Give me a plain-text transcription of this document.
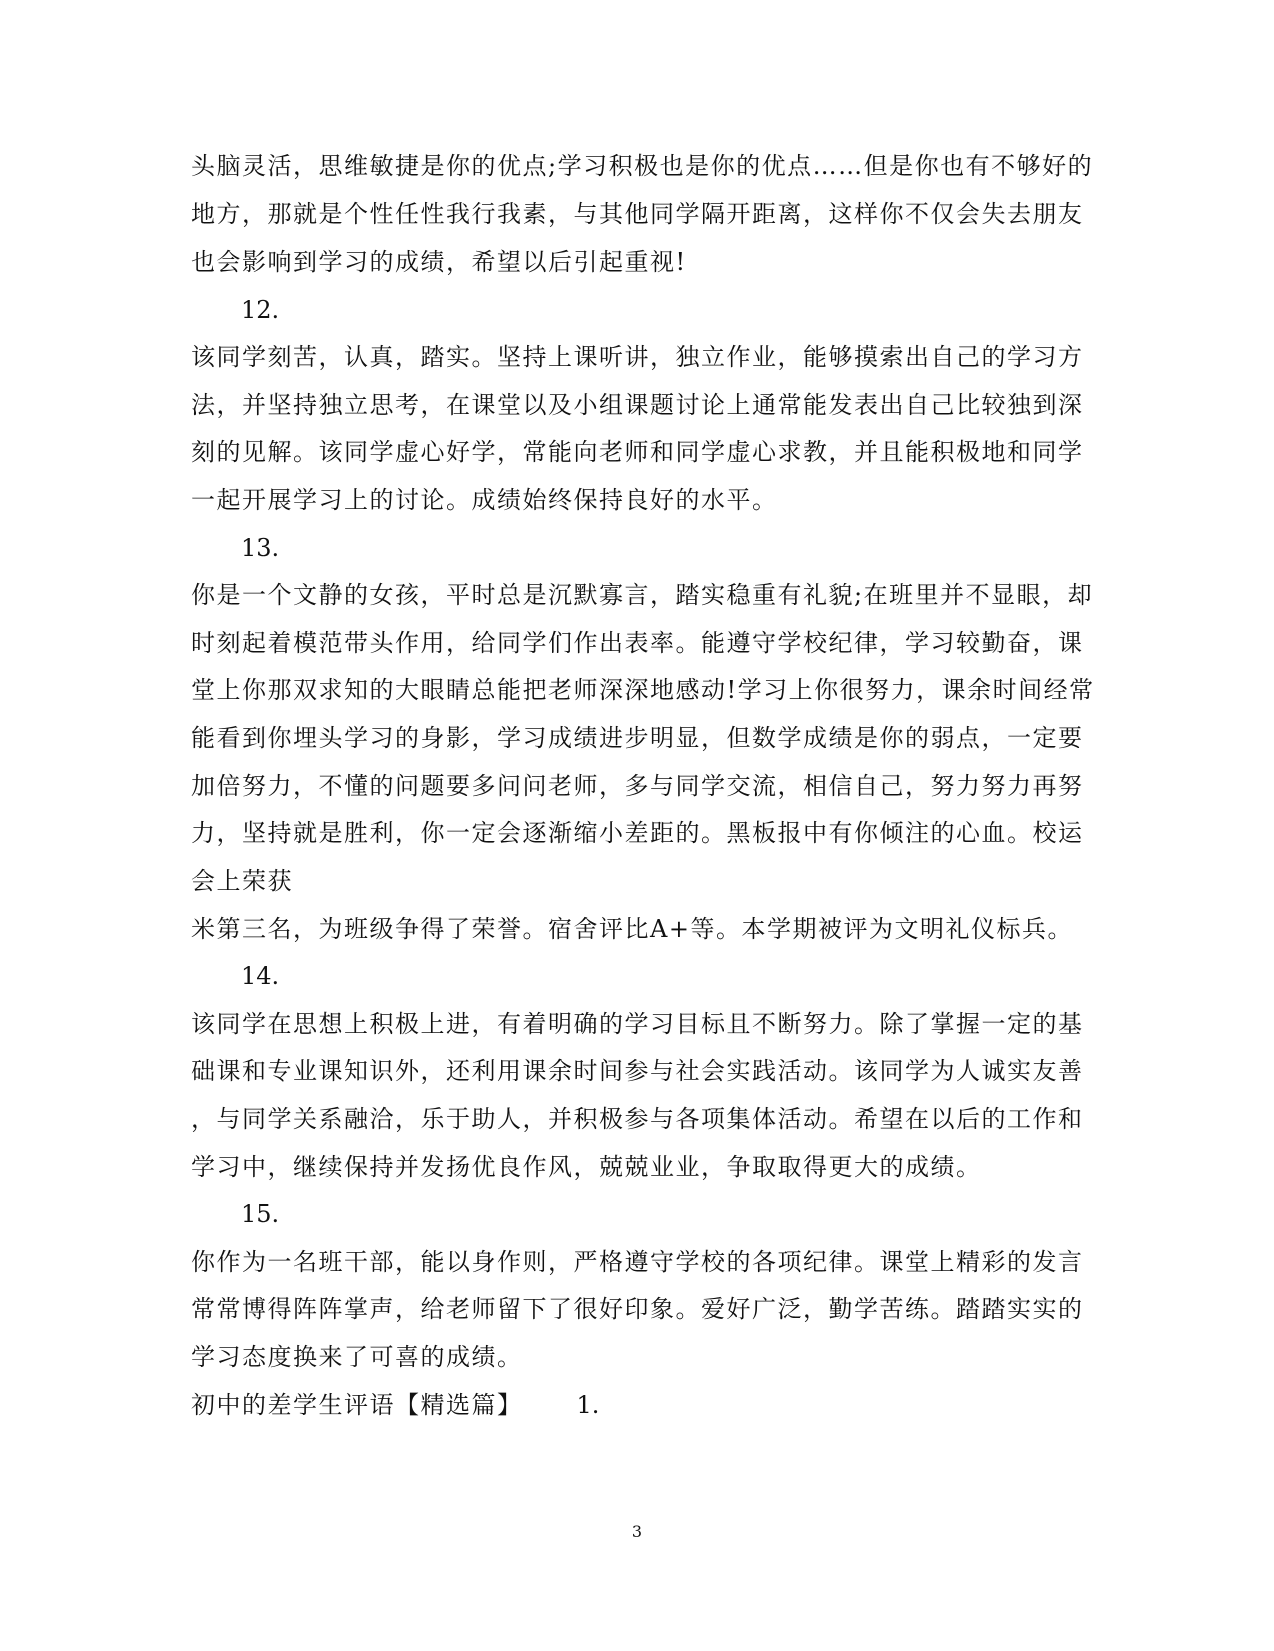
头脑灵活，思维敏捷是你的优点;学习积极也是你的优点……但是你也有不够好的
地方，那就是个性任性我行我素，与其他同学隔开距离，这样你不仅会失去朋友
也会影响到学习的成绩，希望以后引起重视!
12.
该同学刻苦，认真，踏实。坚持上课听讲，独立作业，能够摸索出自己的学习方
法，并坚持独立思考，在课堂以及小组课题讨论上通常能发表出自己比较独到深
刻的见解。该同学虚心好学，常能向老师和同学虚心求教，并且能积极地和同学
一起开展学习上的讨论。成绩始终保持良好的水平。
13.
你是一个文静的女孩，平时总是沉默寡言，踏实稳重有礼貌;在班里并不显眼，却
时刻起着模范带头作用，给同学们作出表率。能遵守学校纪律，学习较勤奋，课
堂上你那双求知的大眼睛总能把老师深深地感动!学习上你很努力，课余时间经常
能看到你埋头学习的身影，学习成绩进步明显，但数学成绩是你的弱点，一定要
加倍努力，不懂的问题要多问问老师，多与同学交流，相信自己，努力努力再努
力，坚持就是胜利，你一定会逐渐缩小差距的。黑板报中有你倾注的心血。校运
会上荣获
米第三名，为班级争得了荣誉。宿舍评比A+等。本学期被评为文明礼仪标兵。
14.
该同学在思想上积极上进，有着明确的学习目标且不断努力。除了掌握一定的基
础课和专业课知识外，还利用课余时间参与社会实践活动。该同学为人诚实友善
，与同学关系融洽，乐于助人，并积极参与各项集体活动。希望在以后的工作和
学习中，继续保持并发扬优良作风，兢兢业业，争取取得更大的成绩。
15.
你作为一名班干部，能以身作则，严格遵守学校的各项纪律。课堂上精彩的发言
常常博得阵阵掌声，给老师留下了很好印象。爱好广泛，勤学苦练。踏踏实实的
学习态度换来了可喜的成绩。
初中的差学生评语【精选篇】 1.
3
